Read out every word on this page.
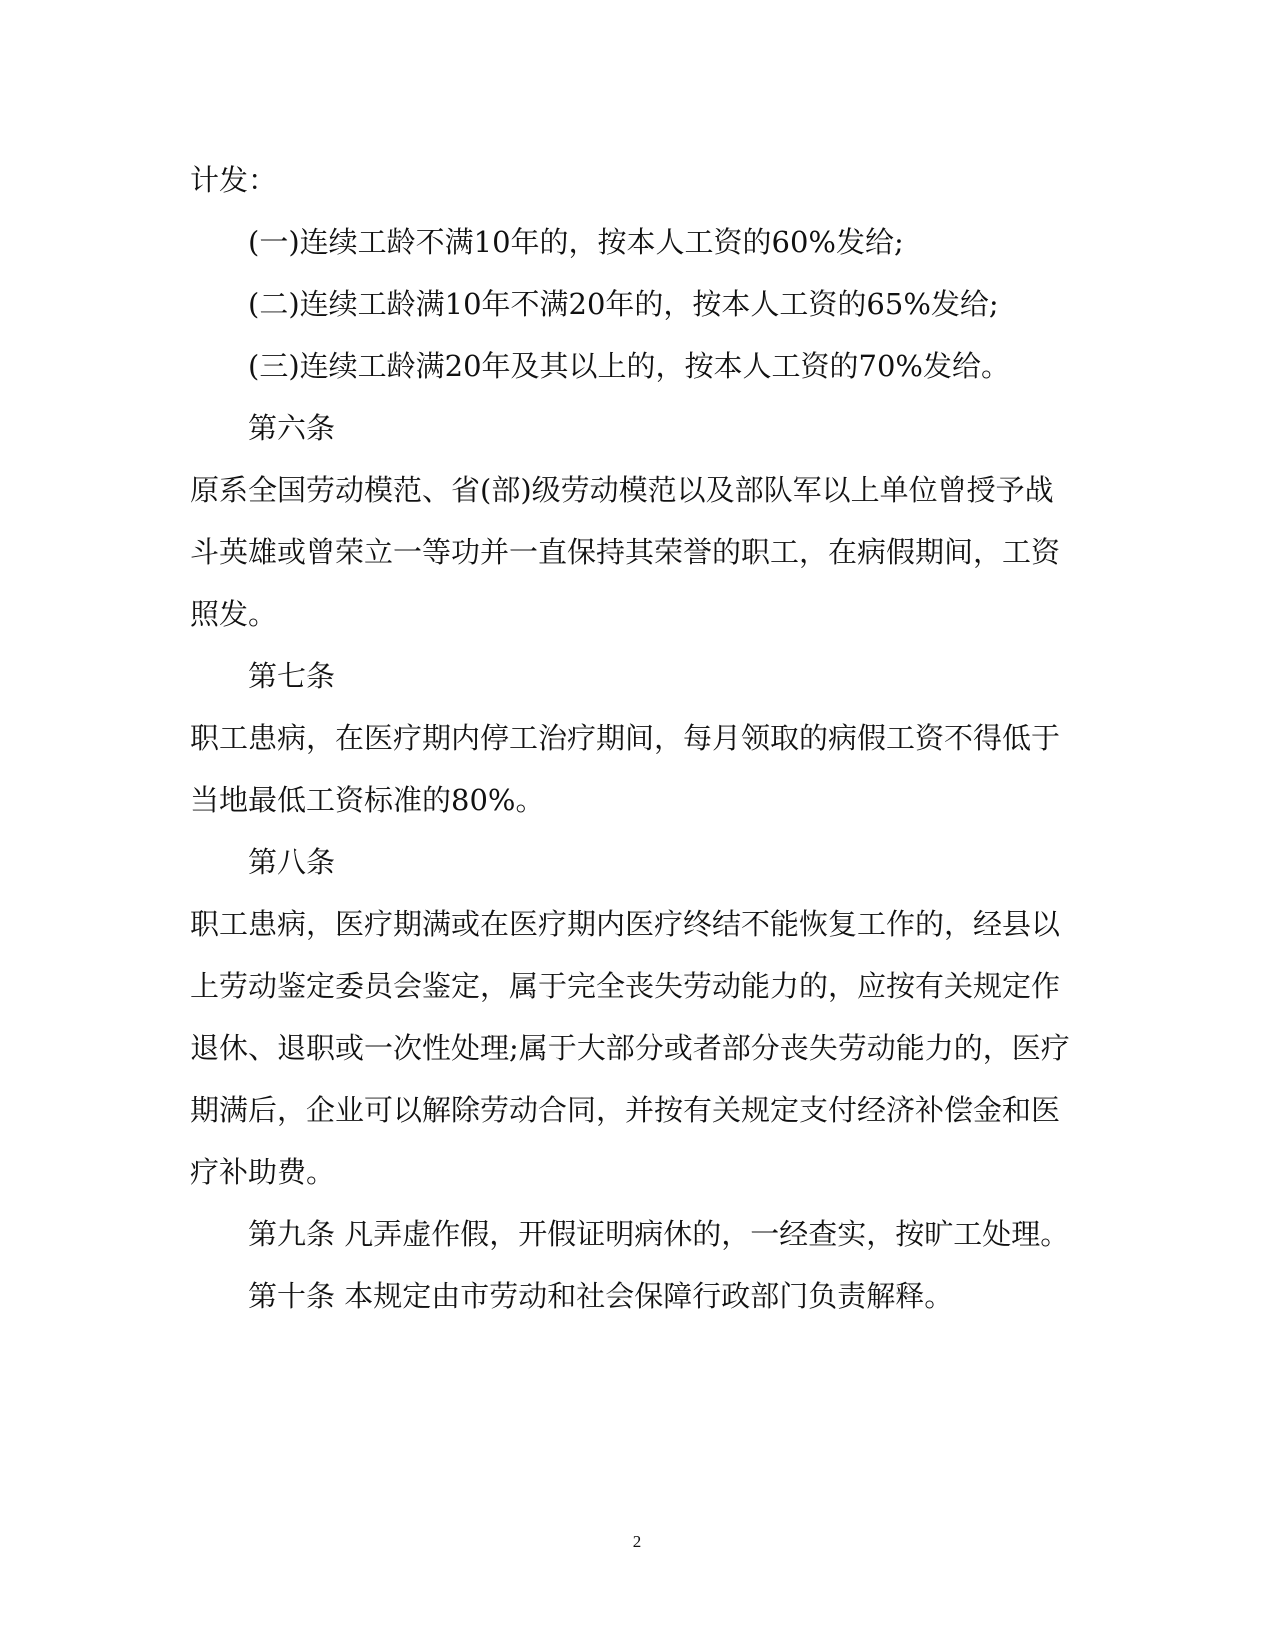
计发：

(一)连续工龄不满10年的，按本人工资的60%发给;

(二)连续工龄满10年不满20年的，按本人工资的65%发给;

(三)连续工龄满20年及其以上的，按本人工资的70%发给。

第六条

原系全国劳动模范、省(部)级劳动模范以及部队军以上单位曾授予战

斗英雄或曾荣立一等功并一直保持其荣誉的职工，在病假期间，工资

照发。

第七条

职工患病，在医疗期内停工治疗期间，每月领取的病假工资不得低于

当地最低工资标准的80%。

第八条

职工患病，医疗期满或在医疗期内医疗终结不能恢复工作的，经县以

上劳动鉴定委员会鉴定，属于完全丧失劳动能力的，应按有关规定作

退休、退职或一次性处理;属于大部分或者部分丧失劳动能力的，医疗

期满后，企业可以解除劳动合同，并按有关规定支付经济补偿金和医

疗补助费。

第九条 凡弄虚作假，开假证明病休的，一经查实，按旷工处理。

第十条 本规定由市劳动和社会保障行政部门负责解释。

2
